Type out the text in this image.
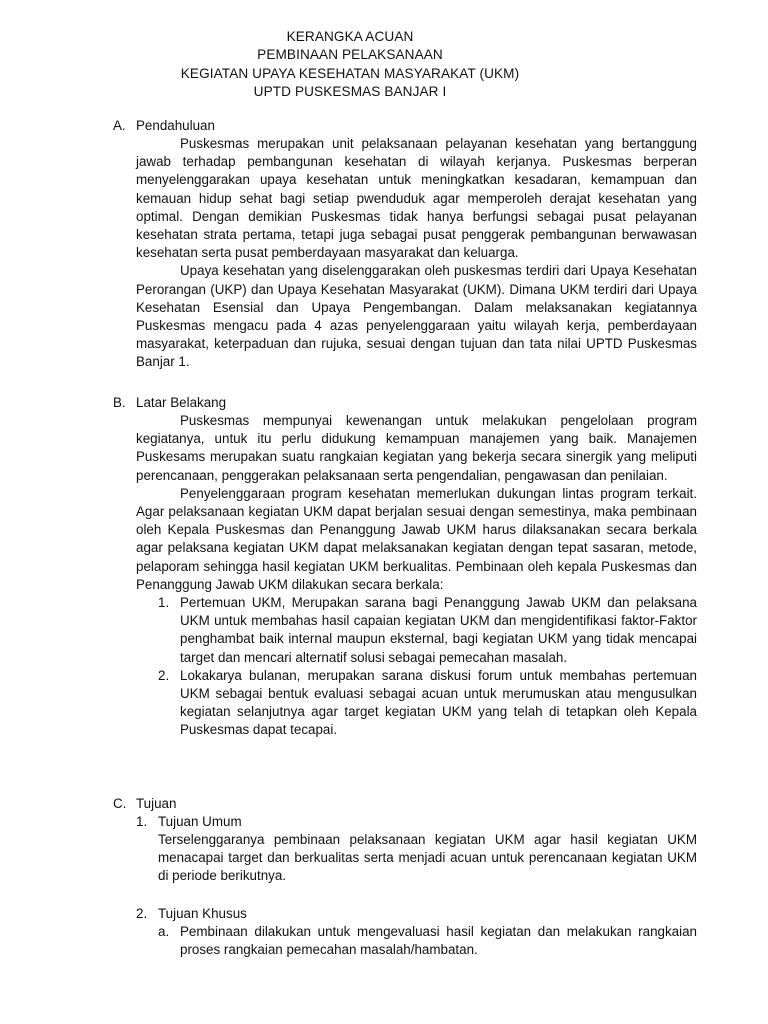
KERANGKA ACUAN
PEMBINAAN PELAKSANAAN
KEGIATAN UPAYA KESEHATAN MASYARAKAT (UKM)
UPTD PUSKESMAS BANJAR I
A. Pendahuluan

Puskesmas merupakan unit pelaksanaan pelayanan kesehatan yang bertanggung jawab terhadap pembangunan kesehatan di wilayah kerjanya. Puskesmas berperan menyelenggarakan upaya kesehatan untuk meningkatkan kesadaran, kemampuan dan kemauan hidup sehat bagi setiap pwenduduk agar memperoleh derajat kesehatan yang optimal. Dengan demikian Puskesmas tidak hanya berfungsi sebagai pusat pelayanan kesehatan strata pertama, tetapi juga sebagai pusat penggerak pembangunan berwawasan kesehatan serta pusat pemberdayaan masyarakat dan keluarga.

Upaya kesehatan yang diselenggarakan oleh puskesmas terdiri dari Upaya Kesehatan Perorangan (UKP) dan Upaya Kesehatan Masyarakat (UKM). Dimana UKM terdiri dari Upaya Kesehatan Esensial dan Upaya Pengembangan. Dalam melaksanakan kegiatannya Puskesmas mengacu pada 4 azas penyelenggaraan yaitu wilayah kerja, pemberdayaan masyarakat, keterpaduan dan rujuka, sesuai dengan tujuan dan tata nilai UPTD Puskesmas Banjar 1.

B. Latar Belakang

Puskesmas mempunyai kewenangan untuk melakukan pengelolaan program kegiatanya, untuk itu perlu didukung kemampuan manajemen yang baik. Manajemen Puskesams merupakan suatu rangkaian kegiatan yang bekerja secara sinergik yang meliputi perencanaan, penggerakan pelaksanaan serta pengendalian, pengawasan dan penilaian.

Penyelenggaraan program kesehatan memerlukan dukungan lintas program terkait. Agar pelaksanaan kegiatan UKM dapat berjalan sesuai dengan semestinya, maka pembinaan oleh Kepala Puskesmas dan Penanggung Jawab UKM harus dilaksanakan secara berkala agar pelaksana kegiatan UKM dapat melaksanakan kegiatan dengan tepat sasaran, metode, pelaporam sehingga hasil kegiatan UKM berkualitas. Pembinaan oleh kepala Puskesmas dan Penanggung Jawab UKM dilakukan secara berkala:

1. Pertemuan UKM, Merupakan sarana bagi Penanggung Jawab UKM dan pelaksana UKM untuk membahas hasil capaian kegiatan UKM dan mengidentifikasi faktor-Faktor penghambat baik internal maupun eksternal, bagi kegiatan UKM yang tidak mencapai target dan mencari alternatif solusi sebagai pemecahan masalah.
2. Lokakarya bulanan, merupakan sarana diskusi forum untuk membahas pertemuan UKM sebagai bentuk evaluasi sebagai acuan untuk merumuskan atau mengusulkan kegiatan selanjutnya agar target kegiatan UKM yang telah di tetapkan oleh Kepala Puskesmas dapat tecapai.
C. Tujuan
1. Tujuan Umum
Terselenggaranya pembinaan pelaksanaan kegiatan UKM agar hasil kegiatan UKM menacapai target dan berkualitas serta menjadi acuan untuk perencanaan kegiatan UKM di periode berikutnya.
2. Tujuan Khusus
a. Pembinaan dilakukan untuk mengevaluasi hasil kegiatan dan melakukan rangkaian proses rangkaian pemecahan masalah/hambatan.
